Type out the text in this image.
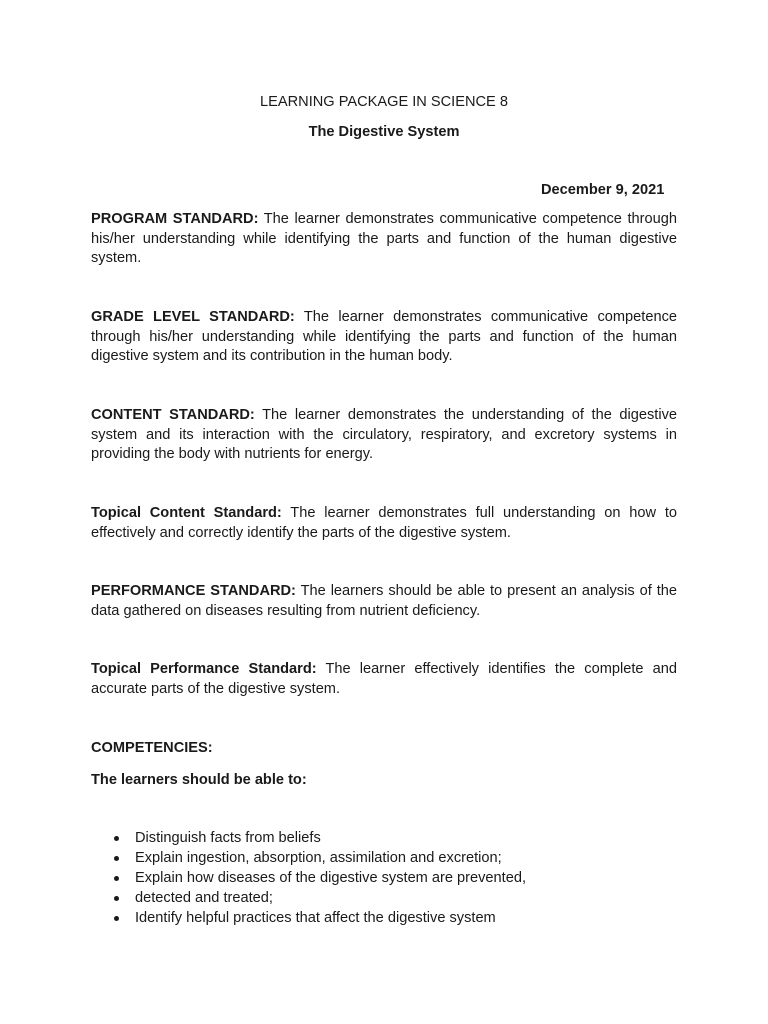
LEARNING PACKAGE IN SCIENCE 8
The Digestive System
December 9, 2021

PROGRAM STANDARD: The learner demonstrates communicative competence through his/her understanding while identifying the parts and function of the human digestive system.

GRADE LEVEL STANDARD: The learner demonstrates communicative competence through his/her understanding while identifying the parts and function of the human digestive system and its contribution in the human body.

CONTENT STANDARD: The learner demonstrates the understanding of the digestive system and its interaction with the circulatory, respiratory, and excretory systems in providing the body with nutrients for energy.

Topical Content Standard: The learner demonstrates full understanding on how to effectively and correctly identify the parts of the digestive system.

PERFORMANCE STANDARD: The learners should be able to present an analysis of the data gathered on diseases resulting from nutrient deficiency.

Topical Performance Standard: The learner effectively identifies the complete and accurate parts of the digestive system.

COMPETENCIES:
The learners should be able to:
Distinguish facts from beliefs
Explain ingestion, absorption, assimilation and excretion;
Explain how diseases of the digestive system are prevented,
detected and treated;
Identify helpful practices that affect the digestive system
